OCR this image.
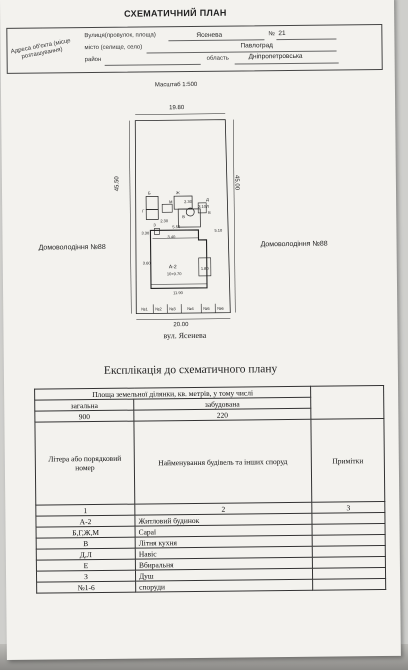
СХЕМАТИЧНИЙ ПЛАН
Адреса об'єкта (місце розташування)
Вулиця(провулок, площа)	Ясенева	№ 21
місто (селище, село)	Павлоград
район	область	Дніпропетровська
Масштаб 1:500
Ж
Б
Г
М
В
Д
Л
Е
З
№1 №2 №3	№4 №5 №6
2.30
3.10
2.30
3.40
3.30
5.10
5.50
11.90
3.60
1.80
А-2
10×9.70
19.80
45.50	45.00
20.00
Домоволодіння №88	Домоволодіння №88
вул. Ясенева
Експлікація до схематичного плану
Площа земельної ділянки, кв. метрів, у тому числі		
загальна	забудована	
900	220	
Літера або порядковий номер	Найменування будівель та інших споруд	Примітки
1	2	3
А-2	Житловий будинок	
Б,Г,Ж,М	Сараї	
В	Літня кухня	
Д,Л	Навіс	
Е	Вбиральня	
З	Душ	
№1-6	споруди	
